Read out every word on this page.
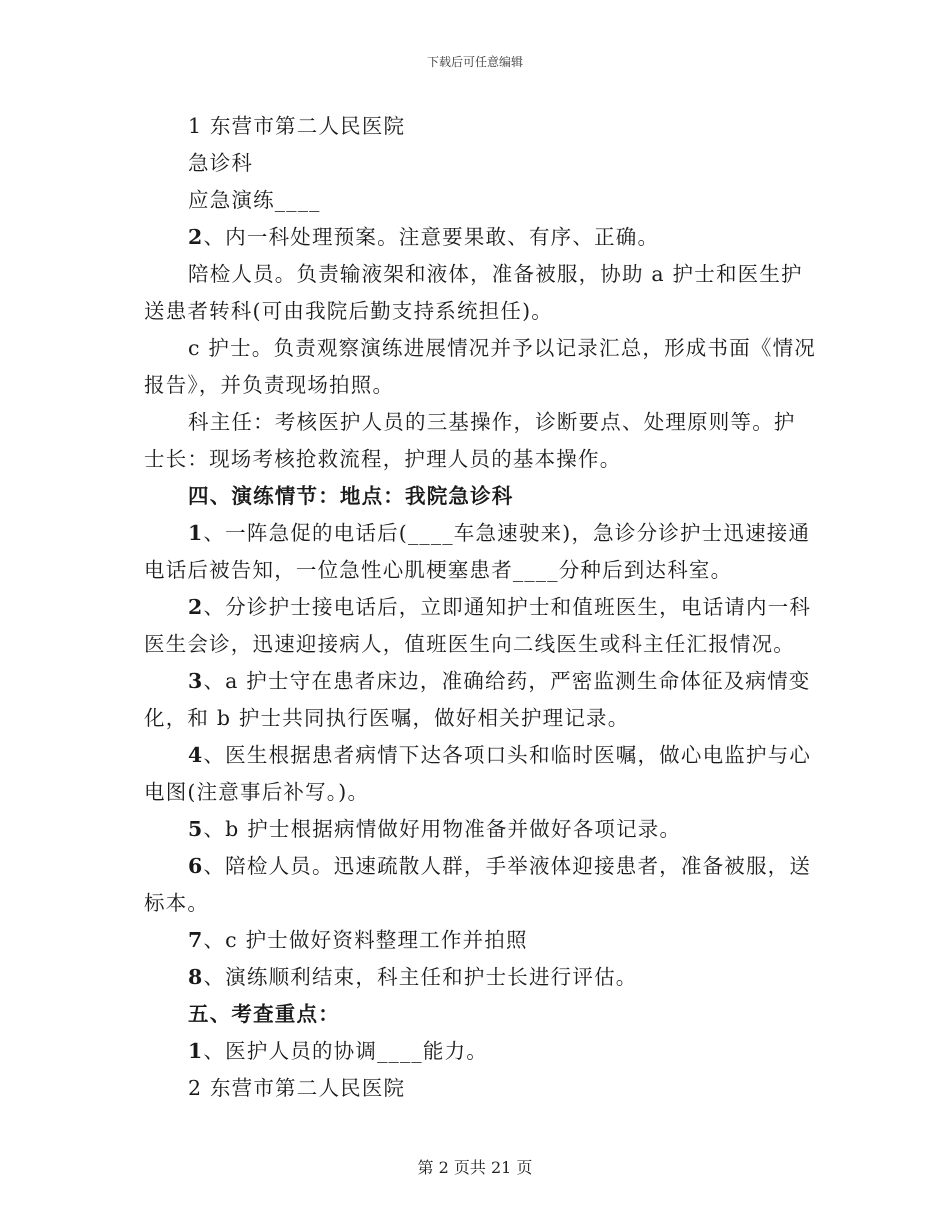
下载后可任意编辑
1 东营市第二人民医院
急诊科
应急演练____
2、内一科处理预案。注意要果敢、有序、正确。
陪检人员。负责输液架和液体，准备被服，协助 a 护士和医生护
送患者转科(可由我院后勤支持系统担任)。
c 护士。负责观察演练进展情况并予以记录汇总，形成书面《情况
报告》，并负责现场拍照。
科主任：考核医护人员的三基操作，诊断要点、处理原则等。护
士长：现场考核抢救流程，护理人员的基本操作。
四、演练情节：地点：我院急诊科
1、一阵急促的电话后(____车急速驶来)，急诊分诊护士迅速接通
电话后被告知，一位急性心肌梗塞患者____分种后到达科室。
2、分诊护士接电话后，立即通知护士和值班医生，电话请内一科
医生会诊，迅速迎接病人，值班医生向二线医生或科主任汇报情况。
3、a 护士守在患者床边，准确给药，严密监测生命体征及病情变
化，和 b 护士共同执行医嘱，做好相关护理记录。
4、医生根据患者病情下达各项口头和临时医嘱，做心电监护与心
电图(注意事后补写。)。
5、b 护士根据病情做好用物准备并做好各项记录。
6、陪检人员。迅速疏散人群，手举液体迎接患者，准备被服，送
标本。
7、c 护士做好资料整理工作并拍照
8、演练顺利结束，科主任和护士长进行评估。
五、考查重点：
1、医护人员的协调____能力。
2 东营市第二人民医院
第 2 页共 21 页
